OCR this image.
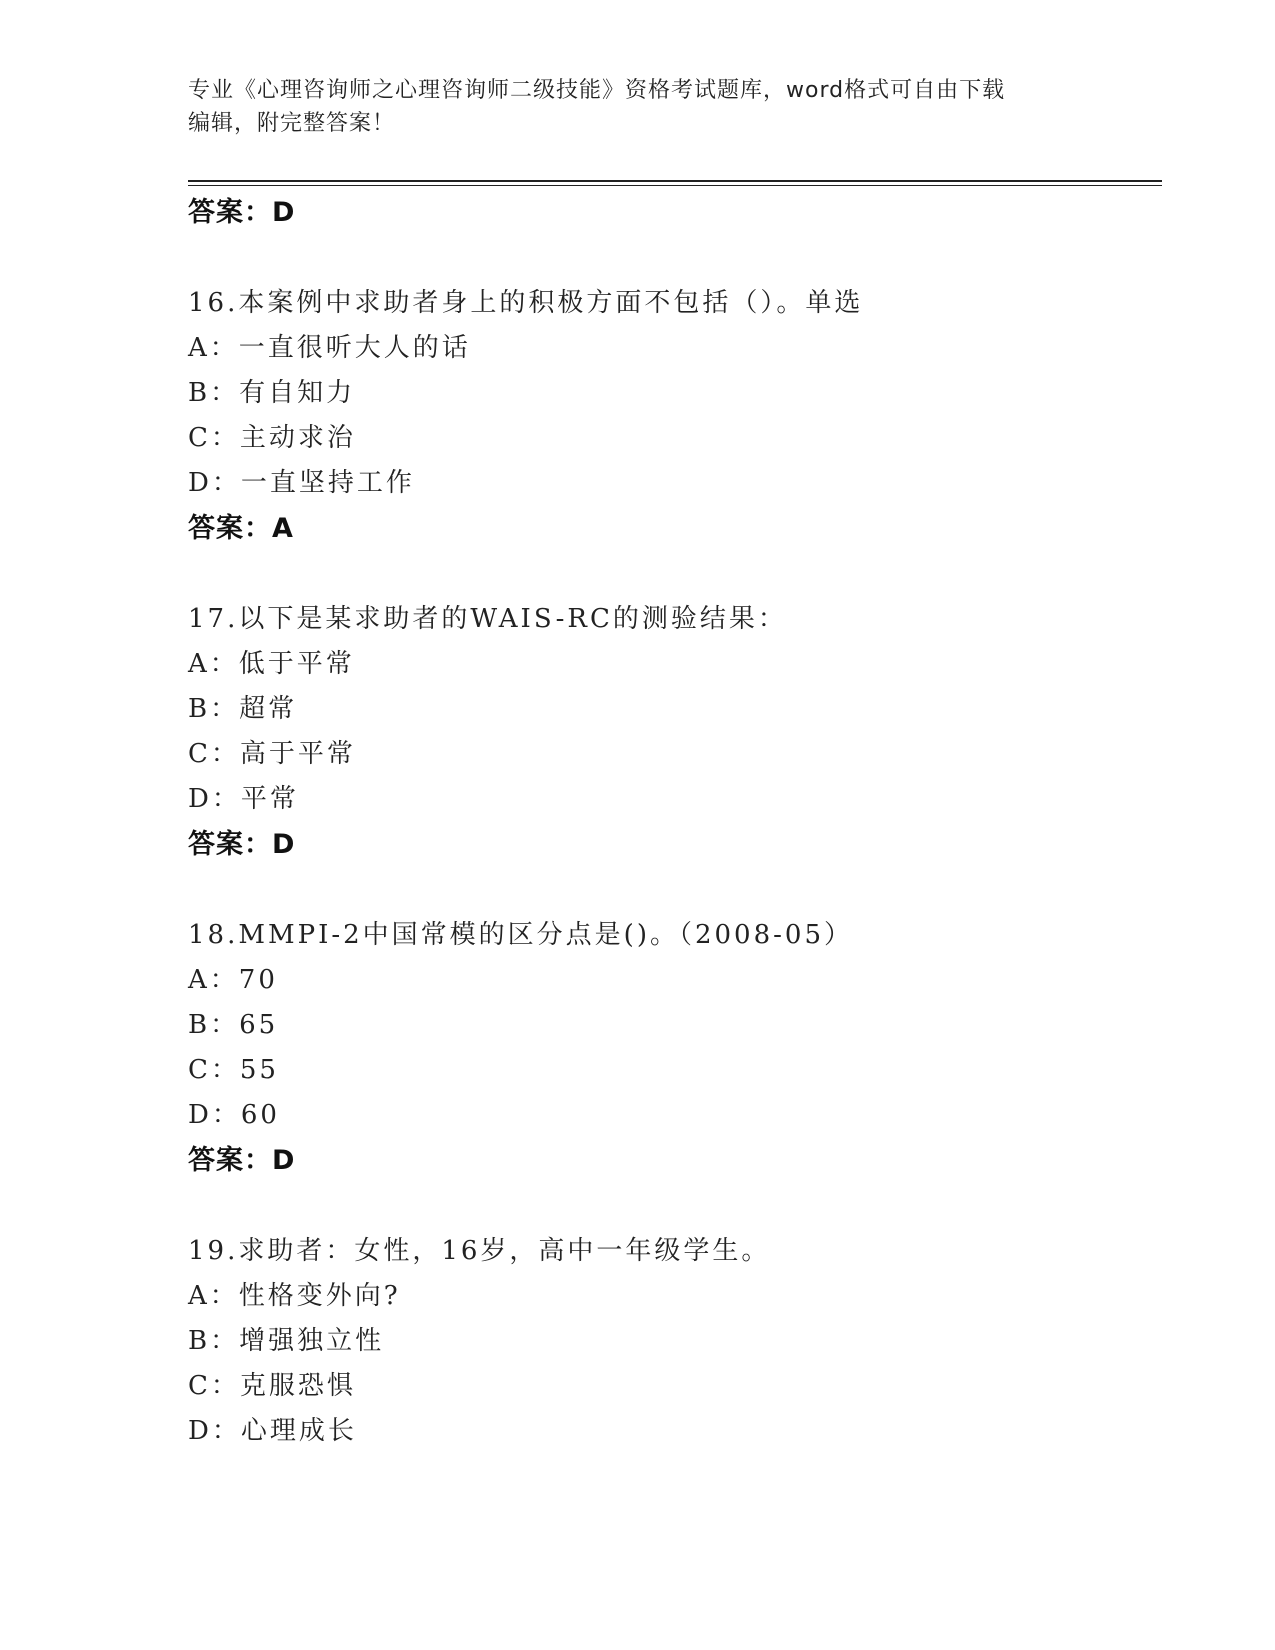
专业《心理咨询师之心理咨询师二级技能》资格考试题库，word格式可自由下载
编辑，附完整答案！
答案：D
16.本案例中求助者身上的积极方面不包括（）。单选
A：一直很听大人的话
B：有自知力
C：主动求治
D：一直坚持工作
答案：A
17.以下是某求助者的WAIS-RC的测验结果：
A：低于平常
B：超常
C：高于平常
D：平常
答案：D
18.MMPI-2中国常模的区分点是()。（2008-05）
A：70
B：65
C：55
D：60
答案：D
19.求助者：女性，16岁，高中一年级学生。
A：性格变外向?
B：增强独立性
C：克服恐惧
D：心理成长
